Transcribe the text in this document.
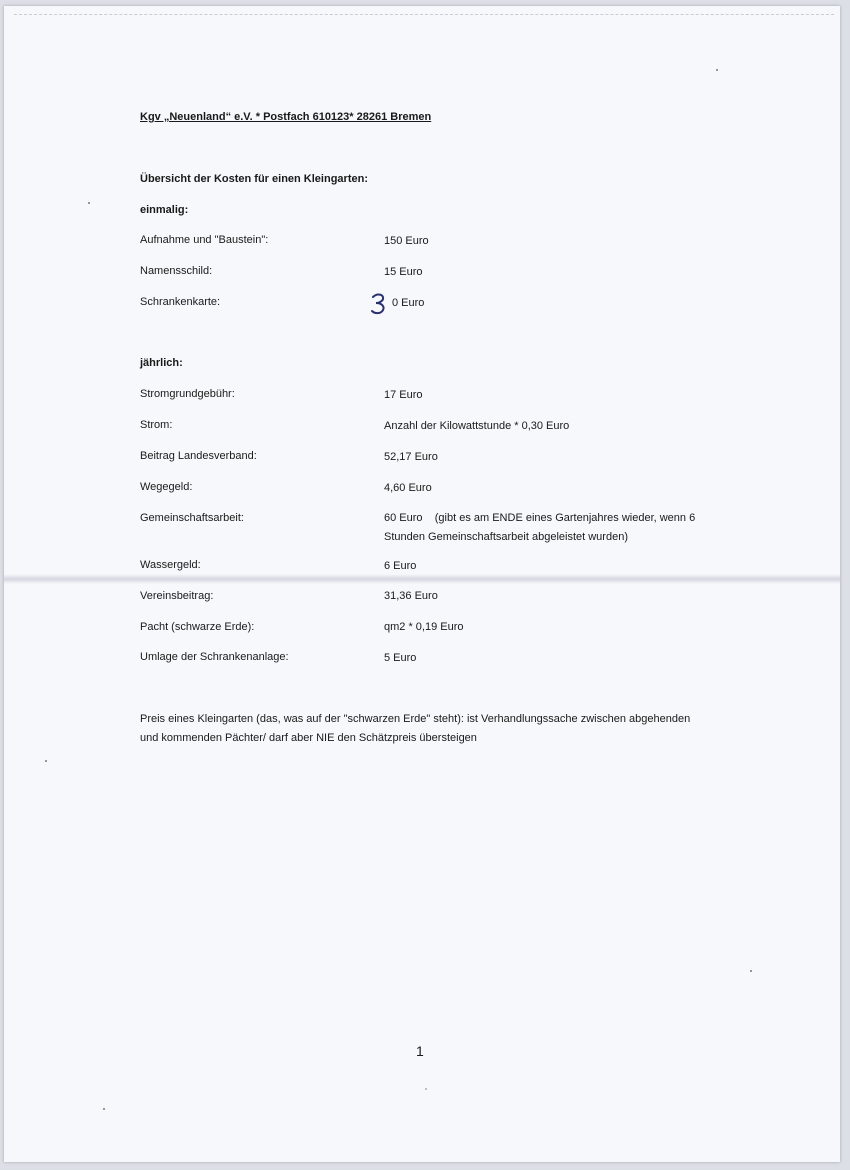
Kgv „Neuenland“ e.V. * Postfach 610123* 28261 Bremen
Übersicht der Kosten für einen Kleingarten:
einmalig:
Aufnahme und "Baustein":	150 Euro
Namensschild:	15 Euro
Schrankenkarte:	0 Euro
jährlich:
Stromgrundgebühr:	17 Euro
Strom:	Anzahl der Kilowattstunde * 0,30 Euro
Beitrag Landesverband:	52,17 Euro
Wegegeld:	4,60 Euro
Gemeinschaftsarbeit:	60 Euro    (gibt es am ENDE eines Gartenjahres wieder, wenn 6 Stunden Gemeinschaftsarbeit abgeleistet wurden)
Wassergeld:	6 Euro
Vereinsbeitrag:	31,36 Euro
Pacht (schwarze Erde):	qm2 * 0,19 Euro
Umlage der Schrankenanlage:	5 Euro
Preis eines Kleingarten (das, was auf der "schwarzen Erde" steht): ist Verhandlungssache zwischen abgehenden und kommenden Pächter/ darf aber NIE den Schätzpreis übersteigen
1
